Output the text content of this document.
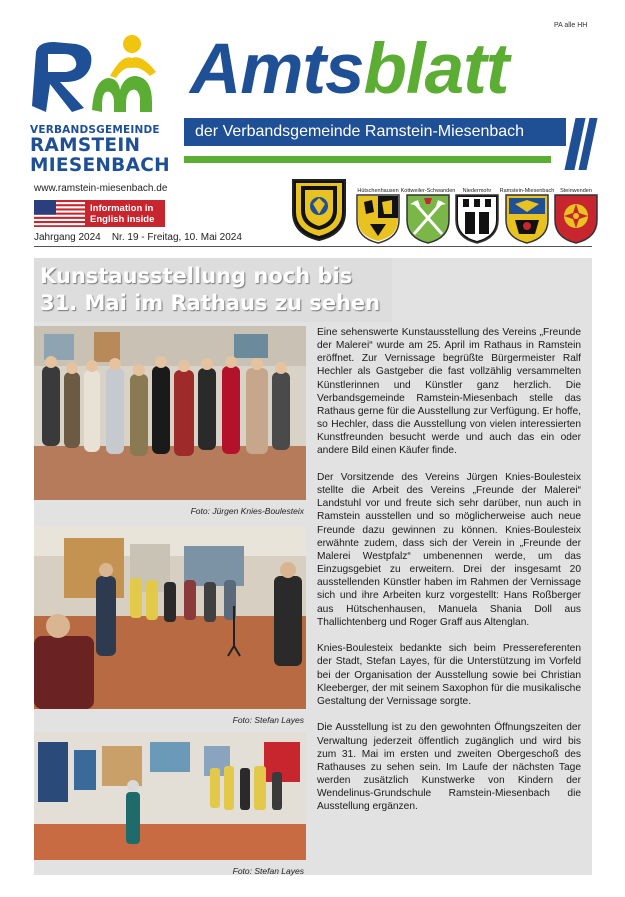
PA alle HH
VERBANDSGEMEINDE
RAMSTEIN
MIESENBACH
www.ramstein-miesenbach.de
Information in
English inside
Jahrgang 2024    Nr. 19 - Freitag, 10. Mai 2024
Amtsblatt
der Verbandsgemeinde Ramstein-Miesenbach
Hütschenhausen Kottweiler-Schwanden	Niedermohr	Ramstein-Miesenbach	Steinwenden
Kunstausstellung noch bis
31. Mai im Rathaus zu sehen
Foto: Jürgen Knies-Boulesteix
Foto: Stefan Layes
Foto: Stefan Layes

Eine sehenswerte Kunstausstellung des Vereins „Freunde der Malerei“ wurde am 25. April im Rathaus in Ramstein eröffnet. Zur Vernissage begrüßte Bürgermeister Ralf Hechler als Gastgeber die fast vollzählig versammelten Künstlerinnen und Künstler ganz herzlich. Die Verbandsgemeinde Ramstein-Miesenbach stelle das Rathaus gerne für die Ausstellung zur Verfügung. Er hoffe, so Hechler, dass die Ausstellung von vielen interessierten Kunstfreunden besucht werde und auch das ein oder andere Bild einen Käufer finde.

Der Vorsitzende des Vereins Jürgen Knies-Boulesteix stellte die Arbeit des Vereins „Freunde der Malerei“ Landstuhl vor und freute sich sehr darüber, nun auch in Ramstein ausstellen und so möglicherweise auch neue Freunde dazu gewinnen zu können. Knies-Boulesteix erwähnte zudem, dass sich der Verein in „Freunde der Malerei Westpfalz“ umbenennen werde, um das Einzugsgebiet zu erweitern. Drei der insgesamt 20 ausstellenden Künstler haben im Rahmen der Vernissage sich und ihre Arbeiten kurz vorgestellt: Hans Roßberger aus Hütschenhausen, Manuela Shania Doll aus Thallichtenberg und Roger Graff aus Altenglan.

Knies-Boulesteix bedankte sich beim Pressereferenten der Stadt, Stefan Layes, für die Unterstützung im Vorfeld bei der Organisation der Ausstellung sowie bei Christian Kleeberger, der mit seinem Saxophon für die musikalische Gestaltung der Vernissage sorgte.

Die Ausstellung ist zu den gewohnten Öffnungszeiten der Verwaltung jederzeit öffentlich zugänglich und wird bis zum 31. Mai im ersten und zweiten Obergeschoß des Rathauses zu sehen sein. Im Laufe der nächsten Tage werden zusätzlich Kunstwerke von Kindern der Wendelinus-Grundschule Ramstein-Miesenbach die Ausstellung ergänzen.
